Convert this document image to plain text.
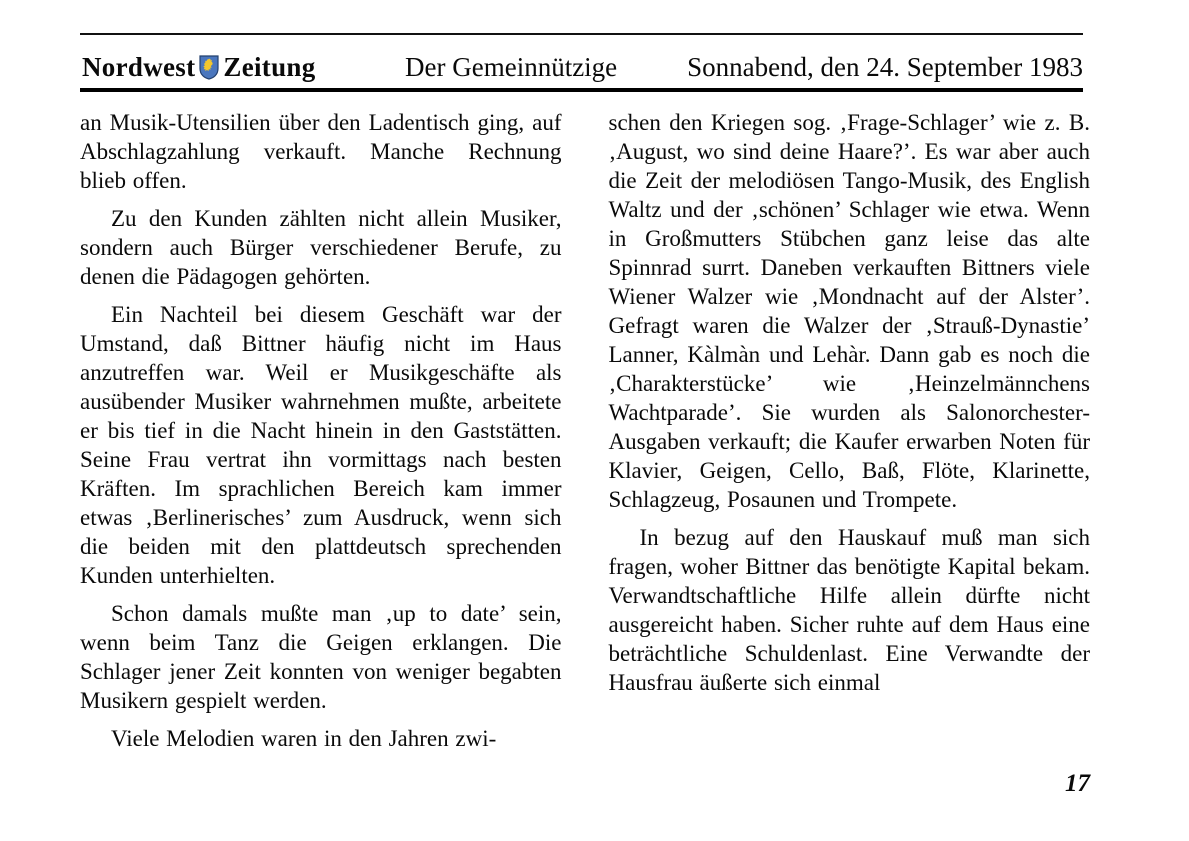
Nordwest Zeitung	Der Gemeinnützige	Sonnabend, den 24. September 1983

an Musik-Utensilien über den Ladentisch ging, auf Abschlagzahlung verkauft. Manche Rechnung blieb offen.

Zu den Kunden zählten nicht allein Musiker, sondern auch Bürger verschiedener Berufe, zu denen die Pädagogen gehörten.

Ein Nachteil bei diesem Geschäft war der Umstand, daß Bittner häufig nicht im Haus anzutreffen war. Weil er Musikgeschäfte als ausübender Musiker wahrnehmen mußte, arbeitete er bis tief in die Nacht hinein in den Gaststätten. Seine Frau vertrat ihn vormittags nach besten Kräften. Im sprachlichen Bereich kam immer etwas ‚Berlinerisches’ zum Ausdruck, wenn sich die beiden mit den plattdeutsch sprechenden Kunden unterhielten.

Schon damals mußte man ‚up to date’ sein, wenn beim Tanz die Geigen erklangen. Die Schlager jener Zeit konnten von weniger begabten Musikern gespielt werden.

Viele Melodien waren in den Jahren zwi-

schen den Kriegen sog. ‚Frage-Schlager’ wie z. B. ‚August, wo sind deine Haare?’. Es war aber auch die Zeit der melodiösen Tango-Musik, des English Waltz und der ‚schönen’ Schlager wie etwa. Wenn in Großmutters Stübchen ganz leise das alte Spinnrad surrt. Daneben verkauften Bittners viele Wiener Walzer wie ‚Mondnacht auf der Alster’. Gefragt waren die Walzer der ‚Strauß-Dynastie’ Lanner, Kàlmàn und Lehàr. Dann gab es noch die ‚Charakterstücke’ wie ‚Heinzelmännchens Wachtparade’. Sie wurden als Salonorchester-Ausgaben verkauft; die Kaufer erwarben Noten für Klavier, Geigen, Cello, Baß, Flöte, Klarinette, Schlagzeug, Posaunen und Trompete.

In bezug auf den Hauskauf muß man sich fragen, woher Bittner das benötigte Kapital bekam. Verwandtschaftliche Hilfe allein dürfte nicht ausgereicht haben. Sicher ruhte auf dem Haus eine beträchtliche Schuldenlast. Eine Verwandte der Hausfrau äußerte sich einmal

17
